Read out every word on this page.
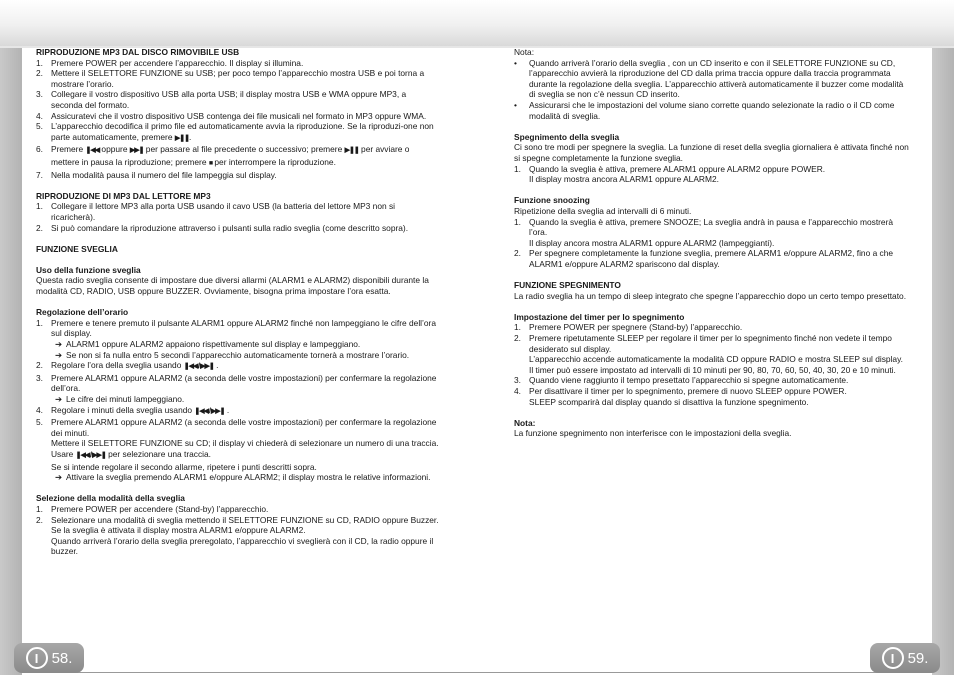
I 58.	I 59.

RIPRODUZIONE MP3 DAL DISCO RIMOVIBILE USB

1. Premere POWER per accendere l’apparecchio. Il display si illumina.
2. Mettere il SELETTORE FUNZIONE su USB; per poco tempo l’apparecchio mostra USB e poi torna a mostrare l’orario.
3. Collegare il vostro dispositivo USB alla porta USB; il display mostra USB e WMA oppure MP3, a seconda del formato.
4. Assicuratevi che il vostro dispositivo USB contenga dei file musicali nel formato in MP3 oppure WMA.
5. L’apparecchio decodifica il primo file ed automaticamente avvia la riproduzione. Se la riproduzi-one non parte automaticamente, premere ▶❚❚.
6. Premere ❚◀◀ oppure ▶▶❚ per passare al file precedente o successivo; premere ▶❚❚ per avviare o mettere in pausa la riproduzione; premere ■ per interrompere la riproduzione.
7. Nella modalità pausa il numero del file lampeggia sul display.

RIPRODUZIONE DI MP3 DAL LETTORE MP3

1. Collegare il lettore MP3 alla porta USB usando il cavo USB (la batteria del lettore MP3 non si ricaricherà).
2. Si può comandare la riproduzione attraverso i pulsanti sulla radio sveglia (come descritto sopra).

FUNZIONE SVEGLIA

Uso della funzione sveglia

Questa radio sveglia consente di impostare due diversi allarmi (ALARM1 e ALARM2) disponibili durante la modalità CD, RADIO, USB oppure BUZZER. Ovviamente, bisogna prima impostare l’ora esatta.

Regolazione dell’orario

1. Premere e tenere premuto il pulsante ALARM1 oppure ALARM2 finché non lampeggiano le cifre dell’ora sul display.
➔ ALARM1 oppure ALARM2 appaiono rispettivamente sul display e lampeggiano.
➔ Se non si fa nulla entro 5 secondi l’apparecchio automaticamente tornerà a mostrare l’orario.
2. Regolare l’ora della sveglia usando ❚◀◀ / ▶▶❚ .
3. Premere ALARM1 oppure ALARM2 (a seconda delle vostre impostazioni) per confermare la regolazione dell’ora.
➔ Le cifre dei minuti lampeggiano.
4. Regolare i minuti della sveglia usando ❚◀◀ / ▶▶❚ .
5. Premere ALARM1 oppure ALARM2 (a seconda delle vostre impostazioni) per confermare la regolazione dei minuti.

Mettere il SELETTORE FUNZIONE su CD; il display vi chiederà di selezionare un numero di una traccia. Usare ❚◀◀ / ▶▶❚ per selezionare una traccia.

Se si intende regolare il secondo allarme, ripetere i punti descritti sopra.

➔ Attivare la sveglia premendo ALARM1 e/oppure ALARM2; il display mostra le relative informazioni.

Selezione della modalità della sveglia

1. Premere POWER per accendere (Stand-by) l’apparecchio.
2. Selezionare una modalità di sveglia mettendo il SELETTORE FUNZIONE su CD, RADIO oppure Buzzer.

Se la sveglia è attivata il display mostra ALARM1 e/oppure ALARM2.

Quando arriverà l’orario della sveglia preregolato, l’apparecchio vi sveglierà con il CD, la radio oppure il buzzer.

Nota:

•	Quando arriverà l’orario della sveglia , con un CD inserito e con il SELETTORE FUNZIONE su CD, l’apparecchio avvierà la riproduzione del CD dalla prima traccia oppure dalla traccia programmata durante la regolazione della sveglia. L’apparecchio attiverà automaticamente il buzzer come modalità di sveglia se non c’è nessun CD inserito.
•	Assicurarsi che le impostazioni del volume siano corrette quando selezionate la radio o il CD come modalità di sveglia.

Spegnimento della sveglia

Ci sono tre modi per spegnere la sveglia. La funzione di reset della sveglia giornaliera è attivata finché non si spegne completamente la funzione sveglia.

1. Quando la sveglia è attiva, premere ALARM1 oppure ALARM2 oppure POWER.

Il display mostra ancora ALARM1 oppure ALARM2.

Funzione snoozing

Ripetizione della sveglia ad intervalli di 6 minuti.

1. Quando la sveglia è attiva, premere SNOOZE; La sveglia andrà in pausa e l’apparecchio mostrerà l’ora.

Il display ancora mostra ALARM1 oppure ALARM2 (lampeggianti).

2. Per spegnere completamente la funzione sveglia, premere ALARM1 e/oppure ALARM2, fino a che ALARM1 e/oppure ALARM2 spariscono dal display.

FUNZIONE SPEGNIMENTO

La radio sveglia ha un tempo di sleep integrato che spegne l’apparecchio dopo un certo tempo presettato.

Impostazione del timer per lo spegnimento

1. Premere POWER per spegnere (Stand-by) l’apparecchio.
2. Premere ripetutamente SLEEP per regolare il timer per lo spegnimento finché non vedete il tempo desiderato sul display.

L’apparecchio accende automaticamente la modalità CD oppure RADIO e mostra SLEEP sul display.

Il timer può essere impostato ad intervalli di 10 minuti per 90, 80, 70, 60, 50, 40, 30, 20 e 10 minuti.

3. Quando viene raggiunto il tempo presettato l’apparecchio si spegne automaticamente.
4. Per disattivare il timer per lo spegnimento, premere di nuovo SLEEP oppure POWER.

SLEEP scomparirà dal display quando si disattiva la funzione spegnimento.

Nota:

La funzione spegnimento non interferisce con le impostazioni della sveglia.
